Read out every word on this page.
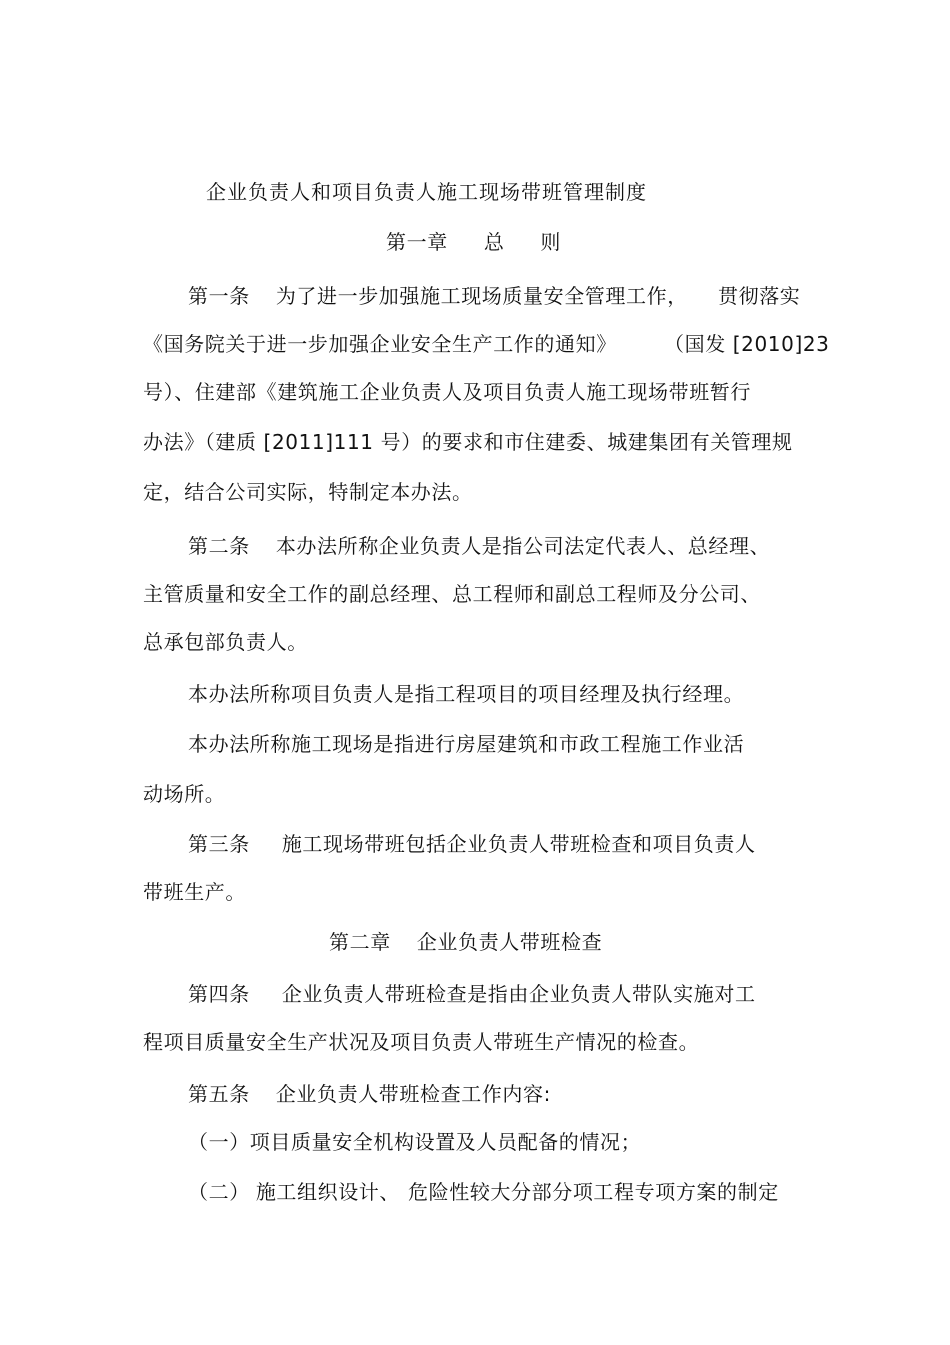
企业负责人和项目负责人施工现场带班管理制度
第一章 总 则
第一条 为了进一步加强施工现场质量安全管理工作， 贯彻落实
《国务院关于进一步加强企业安全生产工作的通知》 （国发 [2010]23
号）、住建部《建筑施工企业负责人及项目负责人施工现场带班暂行
办法》（建质 [2011]111 号）的要求和市住建委、城建集团有关管理规
定，结合公司实际，特制定本办法。
第二条 本办法所称企业负责人是指公司法定代表人、总经理、
主管质量和安全工作的副总经理、总工程师和副总工程师及分公司、
总承包部负责人。
本办法所称项目负责人是指工程项目的项目经理及执行经理。
本办法所称施工现场是指进行房屋建筑和市政工程施工作业活
动场所。
第三条 施工现场带班包括企业负责人带班检查和项目负责人
带班生产。
第二章 企业负责人带班检查
第四条 企业负责人带班检查是指由企业负责人带队实施对工
程项目质量安全生产状况及项目负责人带班生产情况的检查。
第五条 企业负责人带班检查工作内容:
（一）项目质量安全机构设置及人员配备的情况；
（二） 施工组织设计、 危险性较大分部分项工程专项方案的制定
